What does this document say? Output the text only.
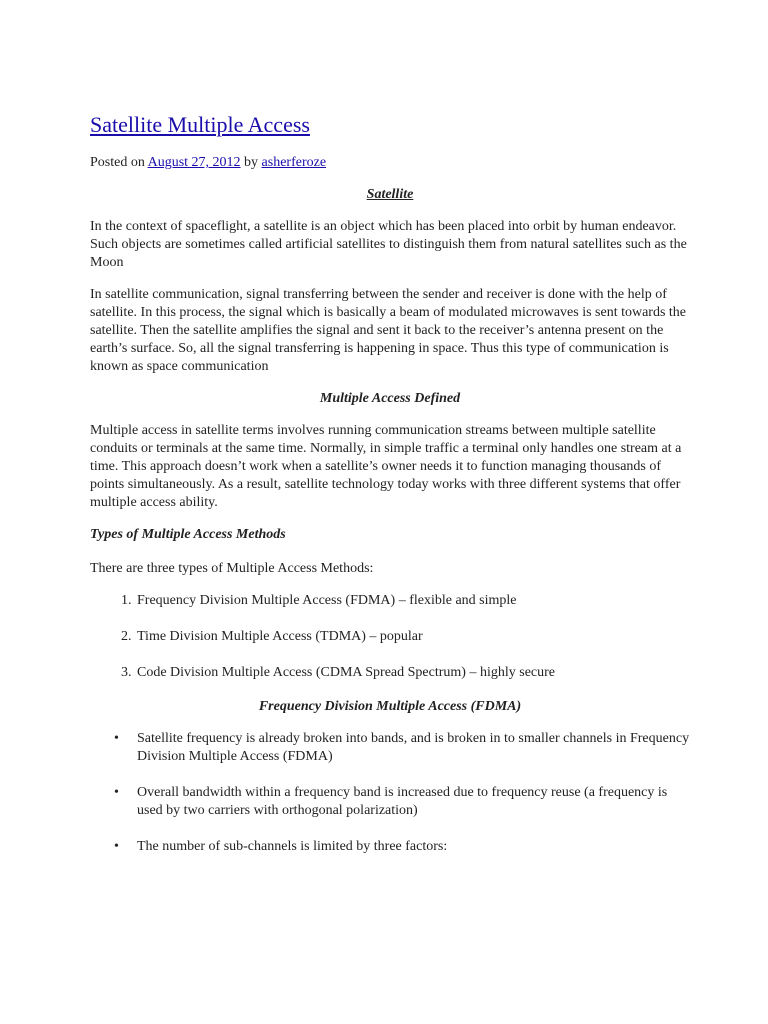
Satellite Multiple Access
Posted on August 27, 2012 by asherferoze
Satellite

In the context of spaceflight, a satellite is an object which has been placed into orbit by human endeavor. Such objects are sometimes called artificial satellites to distinguish them from natural satellites such as the Moon

In satellite communication, signal transferring between the sender and receiver is done with the help of satellite. In this process, the signal which is basically a beam of modulated microwaves is sent towards the satellite. Then the satellite amplifies the signal and sent it back to the receiver’s antenna present on the earth’s surface. So, all the signal transferring is happening in space. Thus this type of communication is known as space communication

Multiple Access Defined

Multiple access in satellite terms involves running communication streams between multiple satellite conduits or terminals at the same time. Normally, in simple traffic a terminal only handles one stream at a time. This approach doesn’t work when a satellite’s owner needs it to function managing thousands of points simultaneously. As a result, satellite technology today works with three different systems that offer multiple access ability.

Types of Multiple Access Methods

There are three types of Multiple Access Methods:

1. Frequency Division Multiple Access (FDMA) – flexible and simple
2. Time Division Multiple Access (TDMA) – popular
3. Code Division Multiple Access (CDMA Spread Spectrum) – highly secure
Frequency Division Multiple Access (FDMA)
• Satellite frequency is already broken into bands, and is broken in to smaller channels in Frequency Division Multiple Access (FDMA)
• Overall bandwidth within a frequency band is increased due to frequency reuse (a frequency is used by two carriers with orthogonal polarization)
• The number of sub-channels is limited by three factors:
